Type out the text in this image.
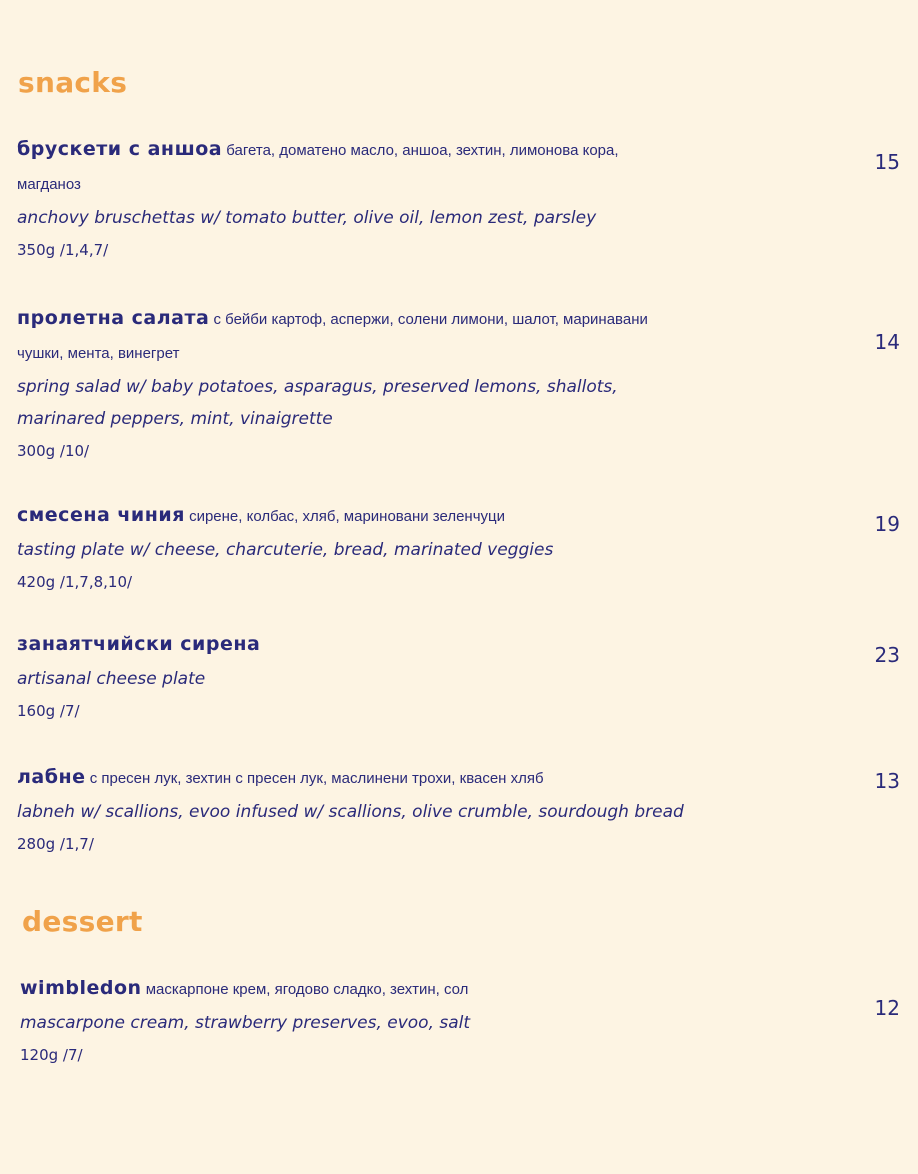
snacks

брускети с аншоа багета, доматено масло, аншоа, зехтин, лимонова кора,

магданоз

anchovy bruschettas w/ tomato butter, olive oil, lemon zest, parsley

350g /1,4,7/

15

пролетна салата с бейби картоф, аспержи, солени лимони, шалот, маринавани

чушки, мента, винегрет

spring salad w/ baby potatoes, asparagus, preserved lemons, shallots,

marinared peppers, mint, vinaigrette

300g /10/

14

смесена чиния сирене, колбас, хляб, мариновани зеленчуци

tasting plate w/ cheese, charcuterie, bread, marinated veggies

420g /1,7,8,10/

19

занаятчийски сирена

artisanal cheese plate

160g /7/

23

лабне с пресен лук, зехтин с пресен лук, маслинени трохи, квасен хляб

labneh w/ scallions, evoo infused w/ scallions, olive crumble, sourdough bread

280g /1,7/

13
dessert

wimbledon маскарпоне крем, ягодово сладко, зехтин, сол

mascarpone cream, strawberry preserves, evoo, salt

120g /7/

12
